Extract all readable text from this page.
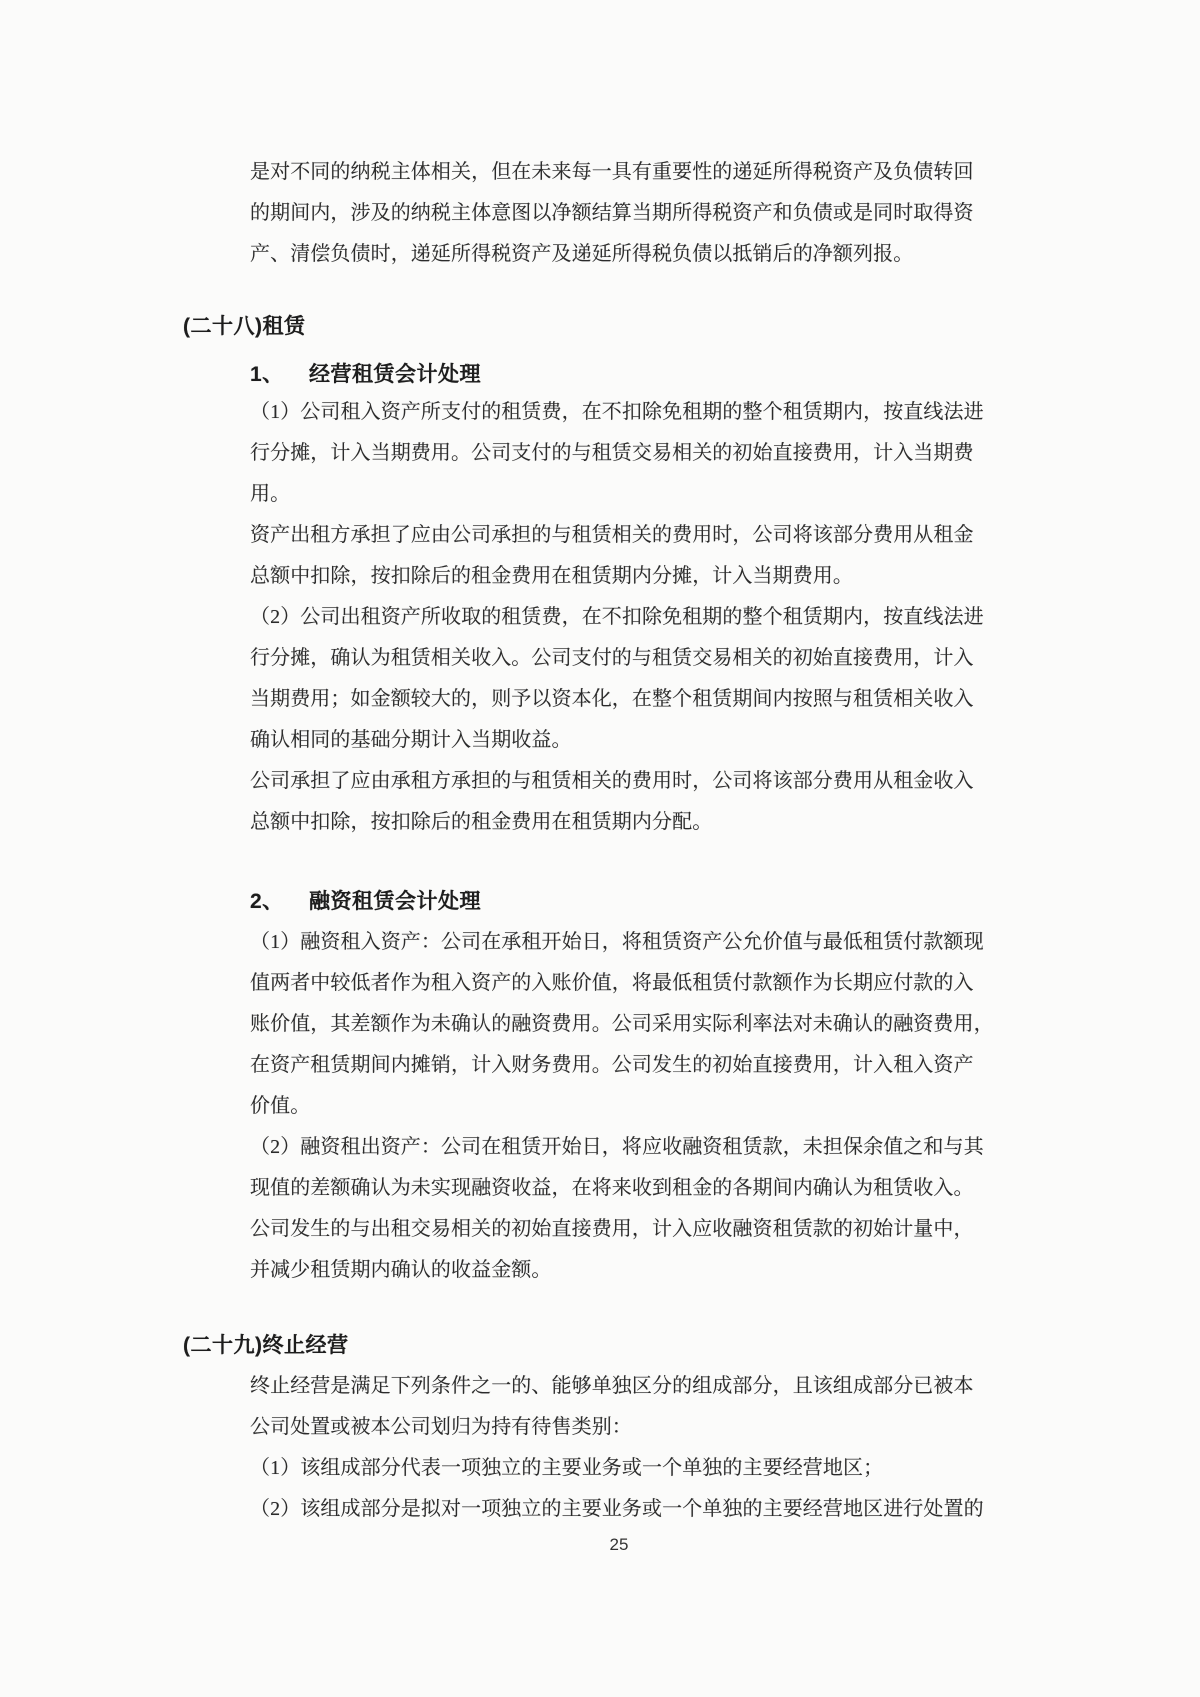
是对不同的纳税主体相关，但在未来每一具有重要性的递延所得税资产及负债转回
的期间内，涉及的纳税主体意图以净额结算当期所得税资产和负债或是同时取得资
产、清偿负债时，递延所得税资产及递延所得税负债以抵销后的净额列报。
(二十八)租赁
1、	经营租赁会计处理
（1）公司租入资产所支付的租赁费，在不扣除免租期的整个租赁期内，按直线法进
行分摊，计入当期费用。公司支付的与租赁交易相关的初始直接费用，计入当期费
用。
资产出租方承担了应由公司承担的与租赁相关的费用时，公司将该部分费用从租金
总额中扣除，按扣除后的租金费用在租赁期内分摊，计入当期费用。
（2）公司出租资产所收取的租赁费，在不扣除免租期的整个租赁期内，按直线法进
行分摊，确认为租赁相关收入。公司支付的与租赁交易相关的初始直接费用，计入
当期费用；如金额较大的，则予以资本化，在整个租赁期间内按照与租赁相关收入
确认相同的基础分期计入当期收益。
公司承担了应由承租方承担的与租赁相关的费用时，公司将该部分费用从租金收入
总额中扣除，按扣除后的租金费用在租赁期内分配。
2、	融资租赁会计处理
（1）融资租入资产：公司在承租开始日，将租赁资产公允价值与最低租赁付款额现
值两者中较低者作为租入资产的入账价值，将最低租赁付款额作为长期应付款的入
账价值，其差额作为未确认的融资费用。公司采用实际利率法对未确认的融资费用，
在资产租赁期间内摊销，计入财务费用。公司发生的初始直接费用，计入租入资产
价值。
（2）融资租出资产：公司在租赁开始日，将应收融资租赁款，未担保余值之和与其
现值的差额确认为未实现融资收益，在将来收到租金的各期间内确认为租赁收入。
公司发生的与出租交易相关的初始直接费用，计入应收融资租赁款的初始计量中，
并减少租赁期内确认的收益金额。
(二十九)终止经营
终止经营是满足下列条件之一的、能够单独区分的组成部分，且该组成部分已被本
公司处置或被本公司划归为持有待售类别：
（1）该组成部分代表一项独立的主要业务或一个单独的主要经营地区；
（2）该组成部分是拟对一项独立的主要业务或一个单独的主要经营地区进行处置的
25
